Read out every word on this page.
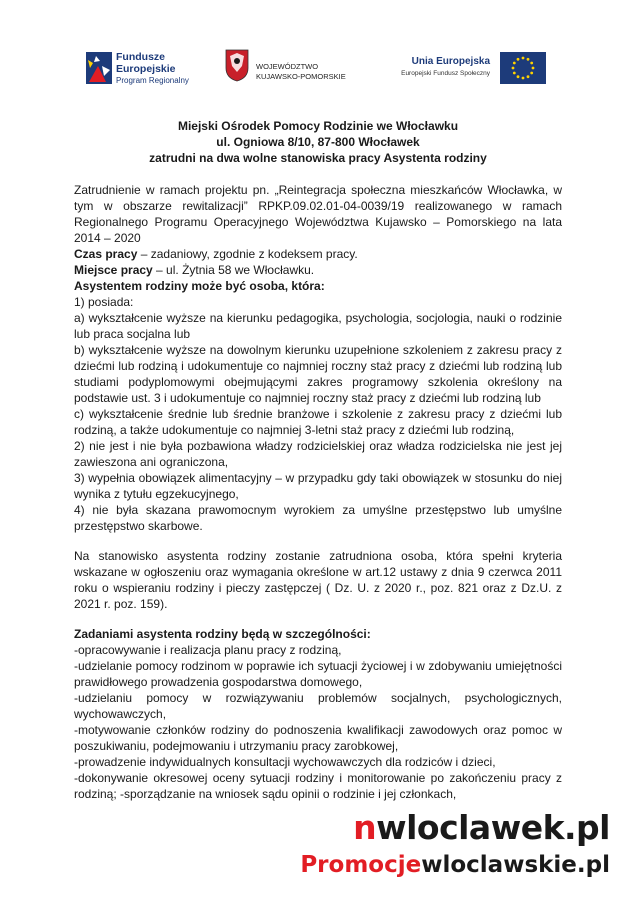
Fundusze
Europejskie
Program Regionalny
WOJEWÓDZTWO
KUJAWSKO-POMORSKIE
Unia Europejska
Europejski Fundusz Społeczny
Miejski Ośrodek Pomocy Rodzinie we Włocławku
ul. Ogniowa 8/10, 87-800 Włocławek
zatrudni na dwa wolne stanowiska pracy Asystenta rodziny

Zatrudnienie w ramach projektu pn. „Reintegracja społeczna mieszkańców Włocławka, w tym w obszarze rewitalizacji” RPKP.09.02.01-04-0039/19 realizowanego w ramach Regionalnego Programu Operacyjnego Województwa Kujawsko – Pomorskiego na lata 2014 – 2020

Czas pracy – zadaniowy, zgodnie z kodeksem pracy.

Miejsce pracy – ul. Żytnia 58 we Włocławku.

Asystentem rodziny może być osoba, która:

1) posiada:

a) wykształcenie wyższe na kierunku pedagogika, psychologia, socjologia, nauki o rodzinie lub praca socjalna lub

b) wykształcenie wyższe na dowolnym kierunku uzupełnione szkoleniem z zakresu pracy z dziećmi lub rodziną i udokumentuje co najmniej roczny staż pracy z dziećmi lub rodziną lub studiami podyplomowymi obejmującymi zakres programowy szkolenia określony na podstawie ust. 3 i udokumentuje co najmniej roczny staż pracy z dziećmi lub rodziną lub

c) wykształcenie średnie lub średnie branżowe i szkolenie z zakresu pracy z dziećmi lub rodziną, a także udokumentuje co najmniej 3-letni staż pracy z dziećmi lub rodziną,

2) nie jest i nie była pozbawiona władzy rodzicielskiej oraz władza rodzicielska nie jest jej zawieszona ani ograniczona,

3) wypełnia obowiązek alimentacyjny – w przypadku gdy taki obowiązek w stosunku do niej wynika z tytułu egzekucyjnego,

4) nie była skazana prawomocnym wyrokiem za umyślne przestępstwo lub umyślne przestępstwo skarbowe.

Na stanowisko asystenta rodziny zostanie zatrudniona osoba, która spełni kryteria wskazane w ogłoszeniu oraz wymagania określone w art.12 ustawy z dnia 9 czerwca 2011 roku o wspieraniu rodziny i pieczy zastępczej ( Dz. U. z 2020 r., poz. 821 oraz z Dz.U. z 2021 r. poz. 159).

Zadaniami asystenta rodziny będą w szczególności:

-opracowywanie i realizacja planu pracy z rodziną,

-udzielanie pomocy rodzinom w poprawie ich sytuacji życiowej i w zdobywaniu umiejętności prawidłowego prowadzenia gospodarstwa domowego,

-udzielaniu pomocy w rozwiązywaniu problemów socjalnych, psychologicznych, wychowawczych,

-motywowanie członków rodziny do podnoszenia kwalifikacji zawodowych oraz pomoc w poszukiwaniu, podejmowaniu i utrzymaniu pracy zarobkowej,

-prowadzenie indywidualnych konsultacji wychowawczych dla rodziców i dzieci,

-dokonywanie okresowej oceny sytuacji rodziny i monitorowanie po zakończeniu pracy z rodziną; -sporządzanie na wniosek sądu opinii o rodzinie i jej członkach,

nwloclawek.pl
Promocjewloclawskie.pl
